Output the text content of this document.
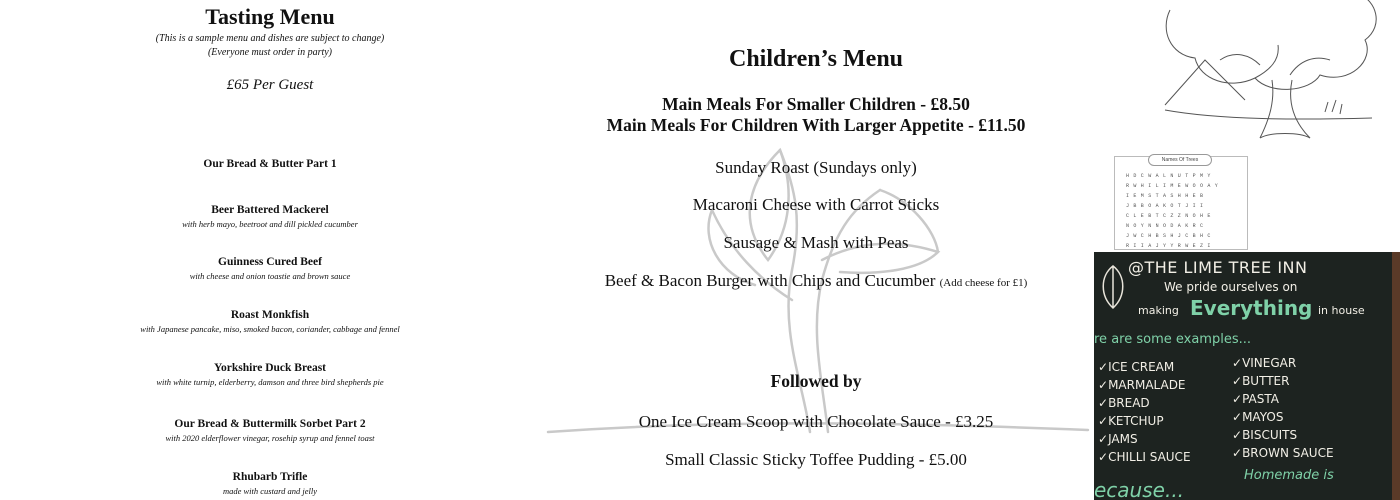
Tasting Menu
(This is a sample menu and dishes are subject to change)
(Everyone must order in party)
£65 Per Guest
Our Bread & Butter Part 1
Beer Battered Mackerel
with herb mayo, beetroot and dill pickled cucumber
Guinness Cured Beef
with cheese and onion toastie and brown sauce
Roast Monkfish
with Japanese pancake, miso, smoked bacon, coriander, cabbage and fennel
Yorkshire Duck Breast
with white turnip, elderberry, damson and three bird shepherds pie
Our Bread & Buttermilk Sorbet Part 2
with 2020 elderflower vinegar, rosehip syrup and fennel toast
Rhubarb Trifle
made with custard and jelly
Children’s Menu
Main Meals For Smaller Children - £8.50
Main Meals For Children With Larger Appetite - £11.50
Sunday Roast (Sundays only)
Macaroni Cheese with Carrot Sticks
Sausage & Mash with Peas
Beef & Bacon Burger with Chips and Cucumber (Add cheese for £1)
Followed by
One Ice Cream Scoop with Chocolate Sauce - £3.25
Small Classic Sticky Toffee Pudding - £5.00
Names Of Trees
HDCWALNUTPMY
RWHILIMEWOOAY
IEMSTASHHEB
JBBOAKOTJII
CLEBTCZZNOHE
NOYNNODAKRC
JWCHBSHJCBHC
RIIAJYYRWEZI
@THE LIME TREE INN
We pride ourselves on
making Everything in house
re are some examples...
✓ICE CREAM
✓MARMALADE
✓BREAD
✓KETCHUP
✓JAMS
✓CHILLI SAUCE
✓VINEGAR
✓BUTTER
✓PASTA
✓MAYOS
✓BISCUITS
✓BROWN SAUCE
ecause...
Homemade is
